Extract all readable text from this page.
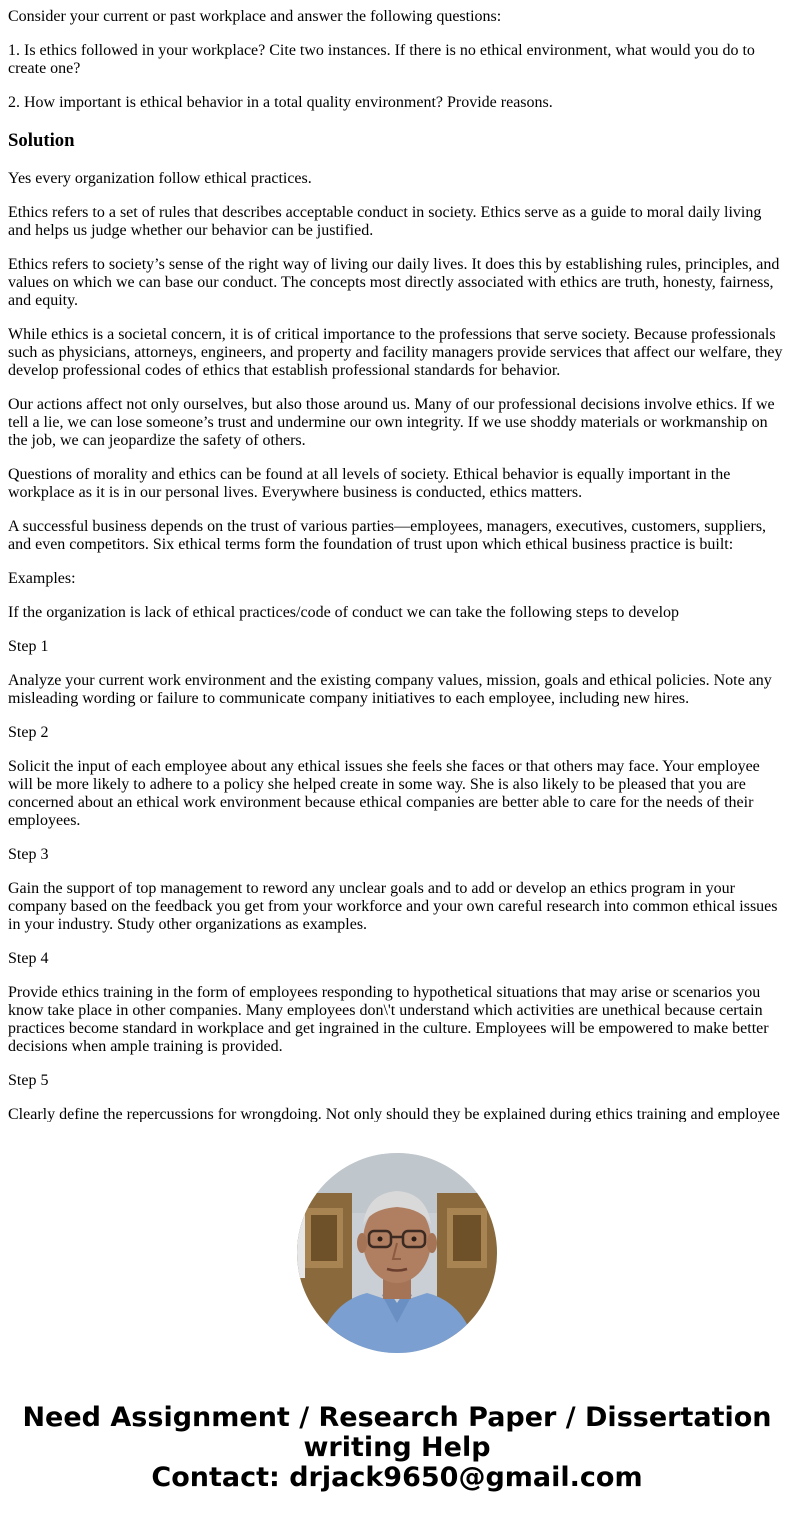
Consider your current or past workplace and answer the following questions:

1. Is ethics followed in your workplace? Cite two instances. If there is no ethical environment, what would you do to create one?

2. How important is ethical behavior in a total quality environment? Provide reasons.

Solution

Yes every organization follow ethical practices.

Ethics refers to a set of rules that describes acceptable conduct in society. Ethics serve as a guide to moral daily living and helps us judge whether our behavior can be justified.

Ethics refers to society’s sense of the right way of living our daily lives. It does this by establishing rules, principles, and values on which we can base our conduct. The concepts most directly associated with ethics are truth, honesty, fairness, and equity.

While ethics is a societal concern, it is of critical importance to the professions that serve society. Because professionals such as physicians, attorneys, engineers, and property and facility managers provide services that affect our welfare, they develop professional codes of ethics that establish professional standards for behavior.

Our actions affect not only ourselves, but also those around us. Many of our professional decisions involve ethics. If we tell a lie, we can lose someone’s trust and undermine our own integrity. If we use shoddy materials or workmanship on the job, we can jeopardize the safety of others.

Questions of morality and ethics can be found at all levels of society. Ethical behavior is equally important in the workplace as it is in our personal lives. Everywhere business is conducted, ethics matters.

A successful business depends on the trust of various parties—employees, managers, executives, customers, suppliers, and even competitors. Six ethical terms form the foundation of trust upon which ethical business practice is built:

Examples:

If the organization is lack of ethical practices/code of conduct we can take the following steps to develop

Step 1

Analyze your current work environment and the existing company values, mission, goals and ethical policies. Note any misleading wording or failure to communicate company initiatives to each employee, including new hires.

Step 2

Solicit the input of each employee about any ethical issues she feels she faces or that others may face. Your employee will be more likely to adhere to a policy she helped create in some way. She is also likely to be pleased that you are concerned about an ethical work environment because ethical companies are better able to care for the needs of their employees.

Step 3

Gain the support of top management to reword any unclear goals and to add or develop an ethics program in your company based on the feedback you get from your workforce and your own careful research into common ethical issues in your industry. Study other organizations as examples.

Step 4

Provide ethics training in the form of employees responding to hypothetical situations that may arise or scenarios you know take place in other companies. Many employees don\'t understand which activities are unethical because certain practices become standard in workplace and get ingrained in the culture. Employees will be empowered to make better decisions when ample training is provided.

Step 5

Clearly define the repercussions for wrongdoing. Not only should they be explained during ethics training and employee

Need Assignment / Research Paper / Dissertation
writing Help
Contact: drjack9650@gmail.com
